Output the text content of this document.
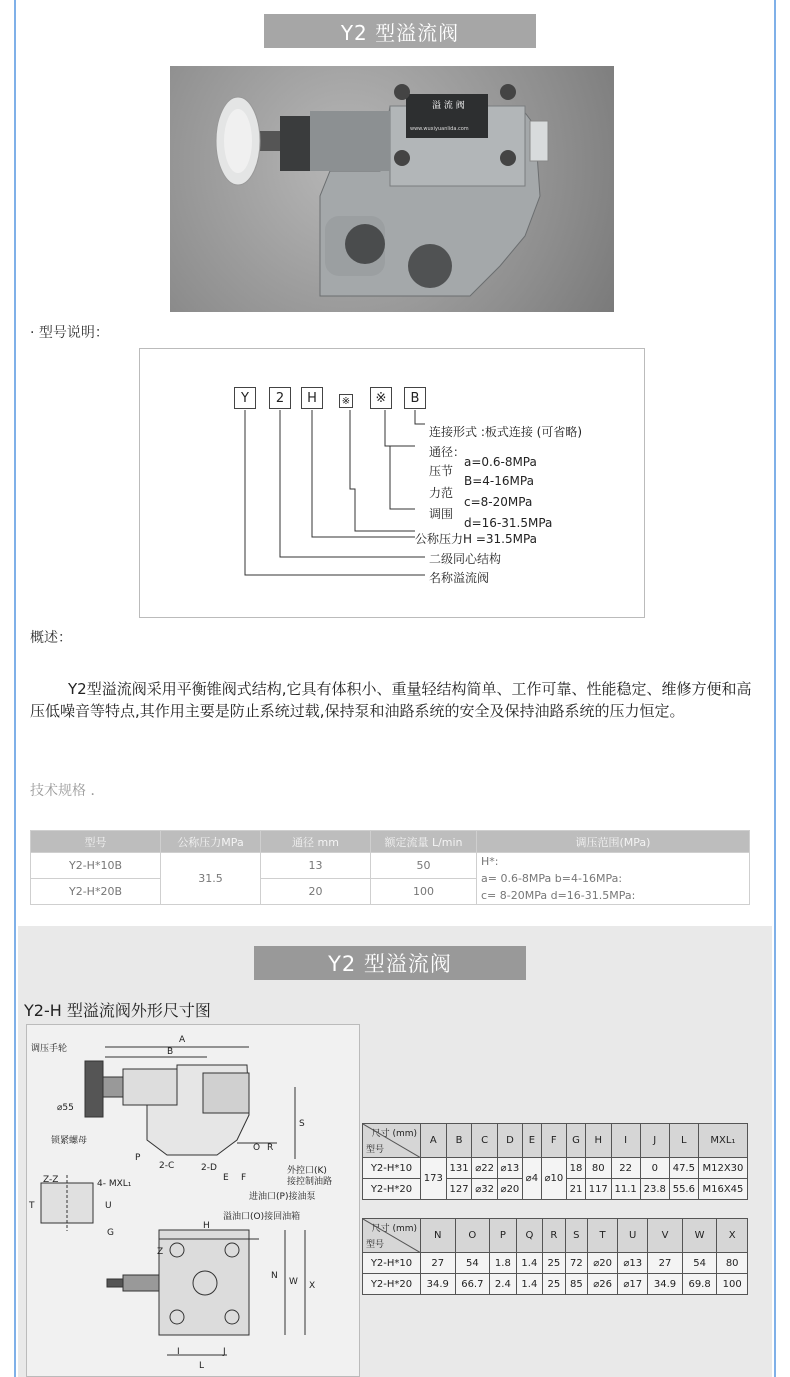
Y2 型溢流阀
溢 流 阀
www.wuxiyuanlida.com
· 型号说明：
Y	2	H	※	※	B
连接形式 :板式连接 (可省略)
通径：
a=0.6-8MPa
压节
B=4-16MPa
力范
c=8-20MPa
调围
d=16-31.5MPa
公称压力H =31.5MPa
二级同心结构
名称溢流阀
概述：
Y2型溢流阀采用平衡锥阀式结构,它具有体积小、重量轻结构简单、工作可靠、性能稳定、维修方便和高压低噪音等特点,其作用主要是防止系统过载,保持泵和油路系统的安全及保持油路系统的压力恒定。
技术规格 ．
型号	公称压力MPa	通径 mm	额定流量 L/min	调压范围(MPa)
Y2-H*10B	31.5	13	50	H*:
a= 0.6-8MPa b=4-16MPa:
c= 8-20MPa d=16-31.5MPa:

Y2-H*20B		20	100	
Y2 型溢流阀
Y2-H 型溢流阀外形尺寸图
调压手轮
⌀55
锁紧螺母
A
B
S
P
O R
2-C	2-D
E F
外控口(K)
接控制油路
进油口(P)接油泵
溢油口(O)接回油箱
Z-Z	4- MXL₁
T	U
G
H
Z
N
W X
I	J
L
尺寸 (mm)
型号	A	B	C	D	E	F	G	H	I	J	L	MXL₁
Y2-H*10	173	131	⌀22	⌀13	⌀4	⌀10	18	80	22	0	47.5	M12X30
Y2-H*20		127	⌀32	⌀20			21	117	11.1	23.8	55.6	M16X45
尺寸 (mm)
型号	N	O	P	Q	R	S	T	U	V	W	X
Y2-H*10	27	54	1.8	1.4	25	72	⌀20	⌀13	27	54	80
Y2-H*20	34.9	66.7	2.4	1.4	25	85	⌀26	⌀17	34.9	69.8	100
